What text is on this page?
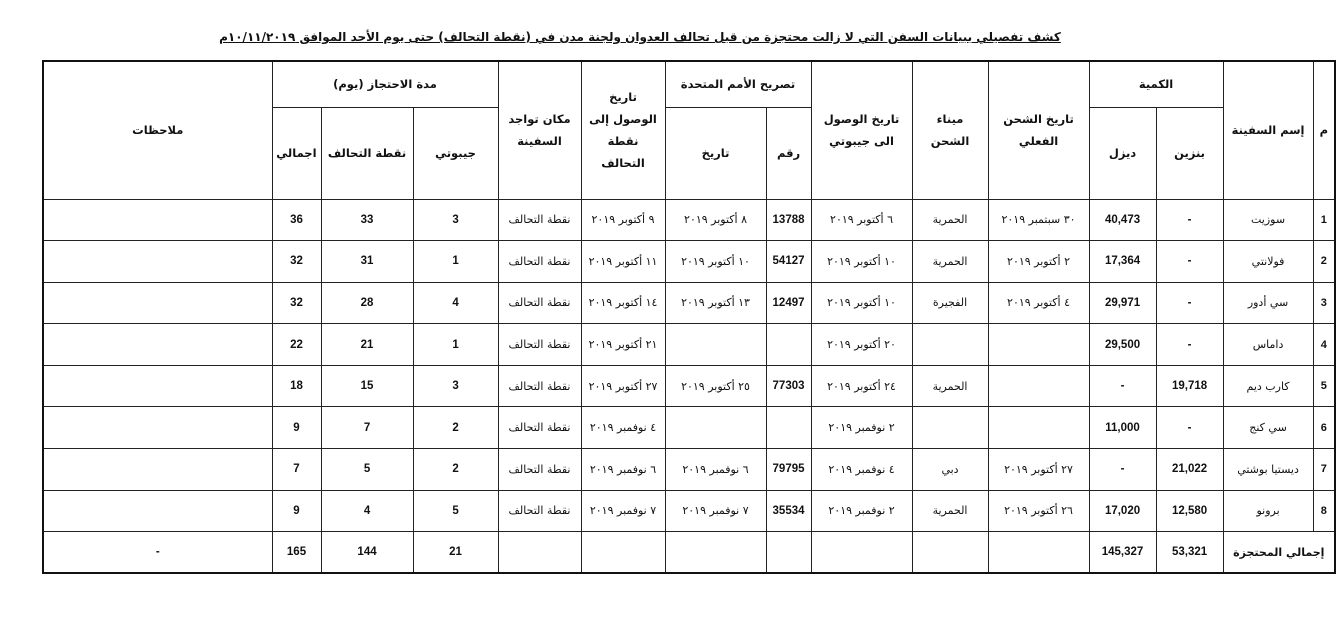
كشف تفصيلي ببيانات السفن التي لا زالت محتجزة من قبل تحالف العدوان ولجنة مدن في (نقطة التحالف) حتى يوم الأحد الموافق ١٠/١١/٢٠١٩م
م	إسم السفينة	الكمية		تاريخ الشحن الفعلي	ميناء الشحن	تاريخ الوصول الى جيبوتي	تصريح الأمم المتحدة		تاريخ الوصول إلى نقطة التحالف	مكان تواجد السفينة	مدة الاحتجاز (يوم)			ملاحظات
		بنزين	ديزل				رقم	تاريخ			جيبوتي	نقطة التحالف	اجمالي	
1	سوزيت	-	40,473	٣٠ سبتمبر ٢٠١٩	الحمرية	٦ أكتوبر ٢٠١٩	13788	٨ أكتوبر ٢٠١٩	٩ أكتوبر ٢٠١٩	نقطة التحالف	3	33	36	
2	فولانتي	-	17,364	٢ أكتوبر ٢٠١٩	الحمرية	١٠ أكتوبر ٢٠١٩	54127	١٠ أكتوبر ٢٠١٩	١١ أكتوبر ٢٠١٩	نقطة التحالف	1	31	32	
3	سي أدور	-	29,971	٤ أكتوبر ٢٠١٩	الفجيرة	١٠ أكتوبر ٢٠١٩	12497	١٣ أكتوبر ٢٠١٩	١٤ أكتوبر ٢٠١٩	نقطة التحالف	4	28	32	
4	داماس	-	29,500			٢٠ أكتوبر ٢٠١٩			٢١ أكتوبر ٢٠١٩	نقطة التحالف	1	21	22	
5	كارب ديم	19,718	-		الحمرية	٢٤ أكتوبر ٢٠١٩	77303	٢٥ أكتوبر ٢٠١٩	٢٧ أكتوبر ٢٠١٩	نقطة التحالف	3	15	18	
6	سي كنج	-	11,000			٢ نوفمبر ٢٠١٩			٤ نوفمبر ٢٠١٩	نقطة التحالف	2	7	9	
7	ديستيا بوشتي	21,022	-	٢٧ أكتوبر ٢٠١٩	دبي	٤ نوفمبر ٢٠١٩	79795	٦ نوفمبر ٢٠١٩	٦ نوفمبر ٢٠١٩	نقطة التحالف	2	5	7	
8	برونو	12,580	17,020	٢٦ أكتوبر ٢٠١٩	الحمرية	٢ نوفمبر ٢٠١٩	35534	٧ نوفمبر ٢٠١٩	٧ نوفمبر ٢٠١٩	نقطة التحالف	5	4	9	
إجمالي المحتجزة		53,321	145,327								21	144	165	-
